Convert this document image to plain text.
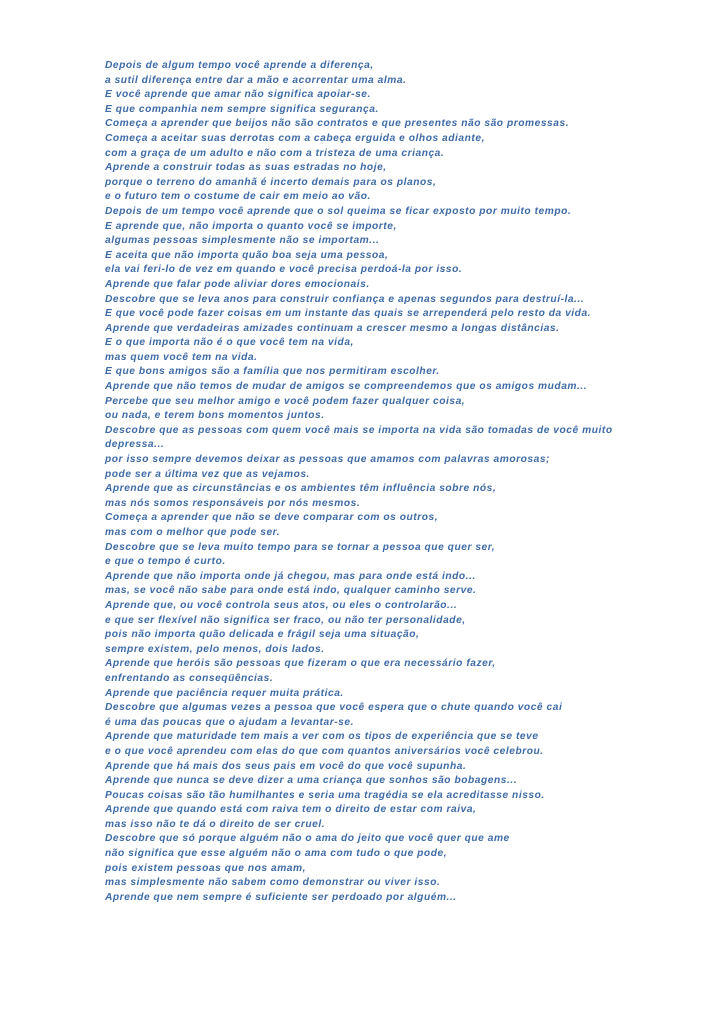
Depois de algum tempo você aprende a diferença,
a sutil diferença entre dar a mão e acorrentar uma alma.
E você aprende que amar não significa apoiar-se.
E que companhia nem sempre significa segurança.
Começa a aprender que beijos não são contratos e que presentes não são promessas.
Começa a aceitar suas derrotas com a cabeça erguida e olhos adiante,
com a graça de um adulto e não com a tristeza de uma criança.
Aprende a construir todas as suas estradas no hoje,
porque o terreno do amanhã é incerto demais para os planos,
e o futuro tem o costume de cair em meio ao vão.
Depois de um tempo você aprende que o sol queima se ficar exposto por muito tempo.
E aprende que, não importa o quanto você se importe,
algumas pessoas simplesmente não se importam...
E aceita que não importa quão boa seja uma pessoa,
ela vai feri-lo de vez em quando e você precisa perdoá-la por isso.
Aprende que falar pode aliviar dores emocionais.
Descobre que se leva anos para construir confiança e apenas segundos para destruí-la...
E que você pode fazer coisas em um instante das quais se arrependerá pelo resto da vida.
Aprende que verdadeiras amizades continuam a crescer mesmo a longas distâncias.
E o que importa não é o que você tem na vida,
mas quem você tem na vida.
E que bons amigos são a família que nos permitiram escolher.
Aprende que não temos de mudar de amigos se compreendemos que os amigos mudam...
Percebe que seu melhor amigo e você podem fazer qualquer coisa,
ou nada, e terem bons momentos juntos.
Descobre que as pessoas com quem você mais se importa na vida são tomadas de você muito
depressa...
por isso sempre devemos deixar as pessoas que amamos com palavras amorosas;
pode ser a última vez que as vejamos.
Aprende que as circunstâncias e os ambientes têm influência sobre nós,
mas nós somos responsáveis por nós mesmos.
Começa a aprender que não se deve comparar com os outros,
mas com o melhor que pode ser.
Descobre que se leva muito tempo para se tornar a pessoa que quer ser,
e que o tempo é curto.
Aprende que não importa onde já chegou, mas para onde está indo...
mas, se você não sabe para onde está indo, qualquer caminho serve.
Aprende que, ou você controla seus atos, ou eles o controlarão...
e que ser flexível não significa ser fraco, ou não ter personalidade,
pois não importa quão delicada e frágil seja uma situação,
sempre existem, pelo menos, dois lados.
Aprende que heróis são pessoas que fizeram o que era necessário fazer,
enfrentando as conseqüências.
Aprende que paciência requer muita prática.
Descobre que algumas vezes a pessoa que você espera que o chute quando você cai
é uma das poucas que o ajudam a levantar-se.
Aprende que maturidade tem mais a ver com os tipos de experiência que se teve
e o que você aprendeu com elas do que com quantos aniversários você celebrou.
Aprende que há mais dos seus pais em você do que você supunha.
Aprende que nunca se deve dizer a uma criança que sonhos são bobagens...
Poucas coisas são tão humilhantes e seria uma tragédia se ela acreditasse nisso.
Aprende que quando está com raiva tem o direito de estar com raiva,
mas isso não te dá o direito de ser cruel.
Descobre que só porque alguém não o ama do jeito que você quer que ame
não significa que esse alguém não o ama com tudo o que pode,
pois existem pessoas que nos amam,
mas simplesmente não sabem como demonstrar ou viver isso.
Aprende que nem sempre é suficiente ser perdoado por alguém...
